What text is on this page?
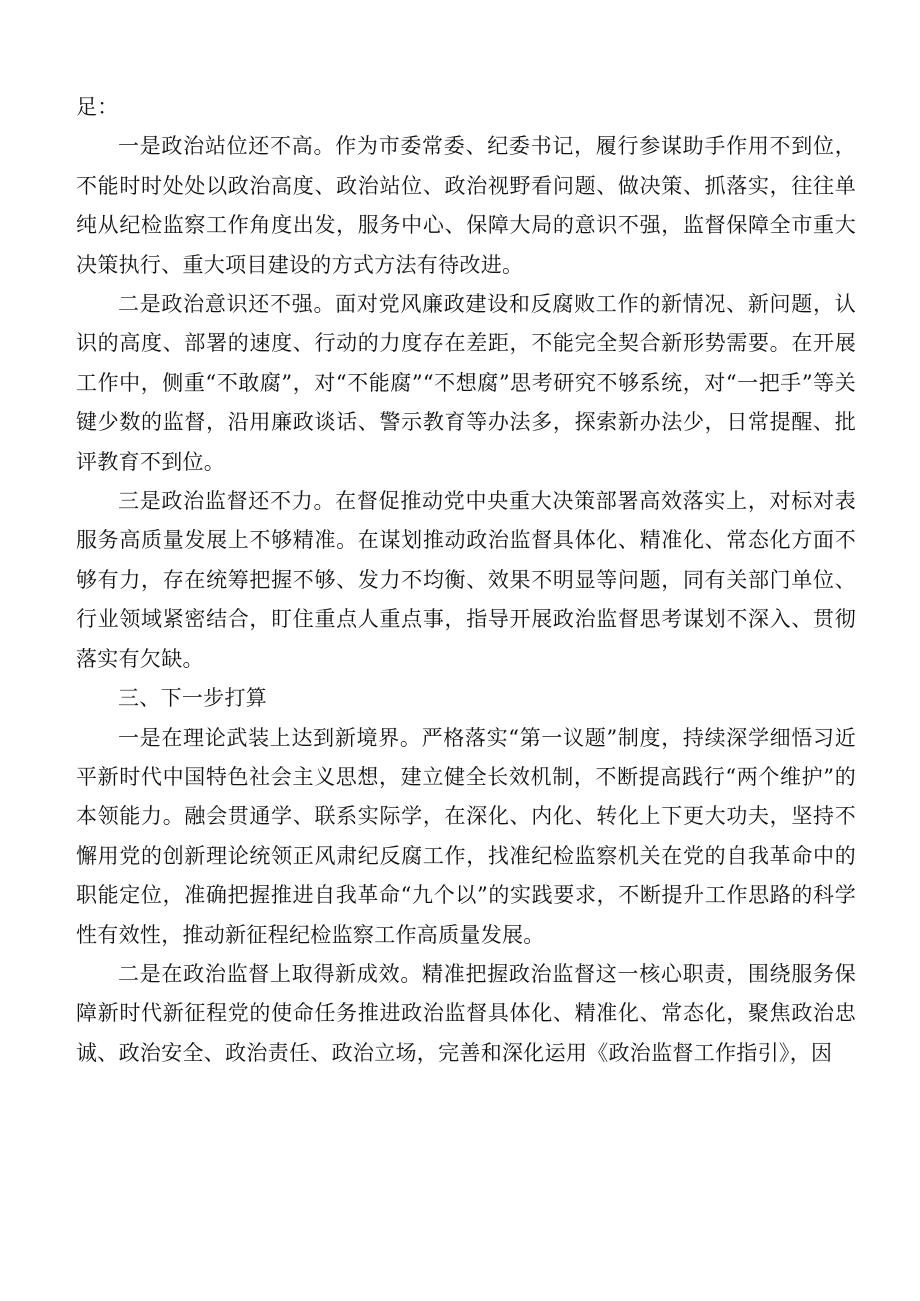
足：

一是政治站位还不高。作为市委常委、纪委书记，履行参谋助手作用不到位，不能时时处处以政治高度、政治站位、政治视野看问题、做决策、抓落实，往往单纯从纪检监察工作角度出发，服务中心、保障大局的意识不强，监督保障全市重大决策执行、重大项目建设的方式方法有待改进。

二是政治意识还不强。面对党风廉政建设和反腐败工作的新情况、新问题，认识的高度、部署的速度、行动的力度存在差距，不能完全契合新形势需要。在开展工作中，侧重“不敢腐”，对“不能腐”“不想腐”思考研究不够系统，对“一把手”等关键少数的监督，沿用廉政谈话、警示教育等办法多，探索新办法少，日常提醒、批评教育不到位。

三是政治监督还不力。在督促推动党中央重大决策部署高效落实上，对标对表服务高质量发展上不够精准。在谋划推动政治监督具体化、精准化、常态化方面不够有力，存在统筹把握不够、发力不均衡、效果不明显等问题，同有关部门单位、行业领域紧密结合，盯住重点人重点事，指导开展政治监督思考谋划不深入、贯彻落实有欠缺。

三、下一步打算

一是在理论武装上达到新境界。严格落实“第一议题”制度，持续深学细悟习近平新时代中国特色社会主义思想，建立健全长效机制，不断提高践行“两个维护”的本领能力。融会贯通学、联系实际学，在深化、内化、转化上下更大功夫，坚持不懈用党的创新理论统领正风肃纪反腐工作，找准纪检监察机关在党的自我革命中的职能定位，准确把握推进自我革命“九个以”的实践要求，不断提升工作思路的科学性有效性，推动新征程纪检监察工作高质量发展。

二是在政治监督上取得新成效。精准把握政治监督这一核心职责，围绕服务保障新时代新征程党的使命任务推进政治监督具体化、精准化、常态化，聚焦政治忠诚、政治安全、政治责任、政治立场，完善和深化运用《政治监督工作指引》，因
